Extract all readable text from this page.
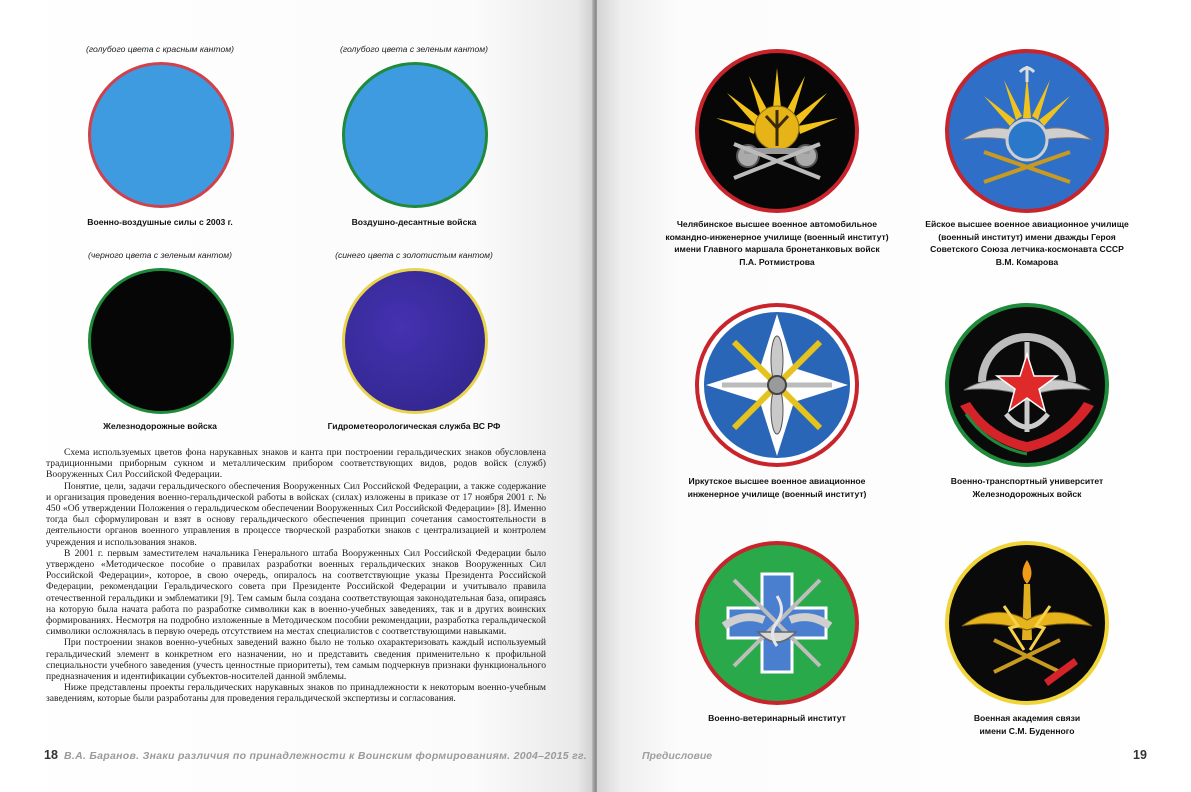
(голубого цвета с красным кантом)
Военно-воздушные силы с 2003 г.
(голубого цвета с зеленым кантом)
Воздушно-десантные войска
(черного цвета с зеленым кантом)
Железнодорожные войска
(синего цвета с золотистым кантом)
Гидрометеорологическая служба ВС РФ

Схема используемых цветов фона нарукавных знаков и канта при построении геральдических знаков обусловлена традиционными приборным сукном и металлическим прибором соответствующих видов, родов войск (служб) Вооруженных Сил Российской Федерации.

Понятие, цели, задачи геральдического обеспечения Вооруженных Сил Российской Федерации, а также содержание и организация проведения военно-геральдической работы в войсках (силах) изложены в приказе от 17 ноября 2001 г. № 450 «Об утверждении Положения о геральдическом обеспечении Вооруженных Сил Российской Федерации» [8]. Именно тогда был сформулирован и взят в основу геральдического обеспечения принцип сочетания самостоятельности в деятельности органов военного управления в процессе творческой разработки знаков с централизацией и контролем учреждения и использования знаков.

В 2001 г. первым заместителем начальника Генерального штаба Вооруженных Сил Российской Федерации было утверждено «Методическое пособие о правилах разработки военных геральдических знаков Вооруженных Сил Российской Федерации», которое, в свою очередь, опиралось на соответствующие указы Президента Российской Федерации, рекомендации Геральдического совета при Президенте Российской Федерации и учитывало правила отечественной геральдики и эмблематики [9]. Тем самым была создана соответствующая законодательная база, опираясь на которую была начата работа по разработке символики как в военно-учебных заведениях, так и в других воинских формированиях. Несмотря на подробно изложенные в Методическом пособии рекомендации, разработка геральдической символики осложнялась в первую очередь отсутствием на местах специалистов с соответствующими навыками.

При построении знаков военно-учебных заведений важно было не только охарактеризовать каждый используемый геральдический элемент в конкретном его назначении, но и представить сведения применительно к профильной специальности учебного заведения (учесть ценностные приоритеты), тем самым подчеркнув признаки функционального предназначения и идентификации субъектов-носителей данной эмблемы.

Ниже представлены проекты геральдических нарукавных знаков по принадлежности к некоторым военно-учебным заведениям, которые были разработаны для проведения геральдической экспертизы и согласования.

18 В.А. Баранов. Знаки различия по принадлежности к Воинским формированиям. 2004–2015 гг.
Челябинское высшее военное автомобильное
командно-инженерное училище (военный институт)
имени Главного маршала бронетанковых войск
П.А. Ротмистрова
Ейское высшее военное авиационное училище
(военный институт) имени дважды Героя
Советского Союза летчика-космонавта СССР
В.М. Комарова
Иркутское высшее военное авиационное
инженерное училище (военный институт)
Военно-транспортный университет
Железнодорожных войск
Военно-ветеринарный институт	Военная академия связи
имени С.М. Буденного
Предисловие	19
